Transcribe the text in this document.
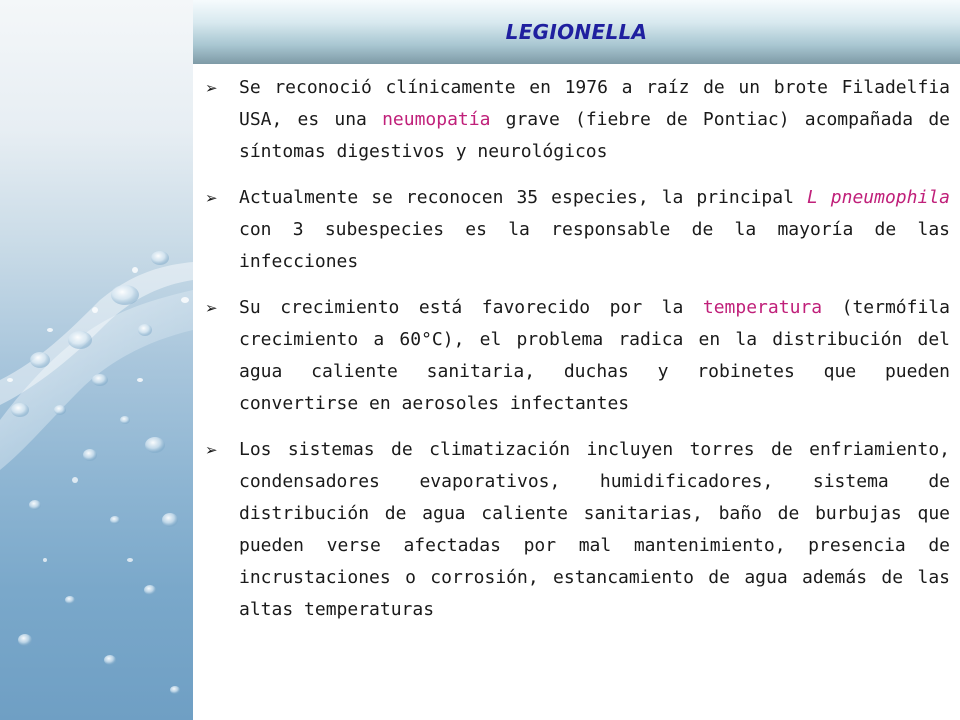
LEGIONELLA
➢ Se reconoció clínicamente en 1976 a raíz de un brote Filadelfia USA, es una neumopatía grave (fiebre de Pontiac) acompañada de síntomas digestivos y neurológicos
➢ Actualmente se reconocen 35 especies, la principal L pneumophila con 3 subespecies es la responsable de la mayoría de las infecciones
➢ Su crecimiento está favorecido por la temperatura (termófila crecimiento a 60°C), el problema radica en la distribución del agua caliente sanitaria, duchas y robinetes que pueden convertirse en aerosoles infectantes
➢ Los sistemas de climatización incluyen torres de enfriamiento, condensadores evaporativos, humidificadores, sistema de distribución de agua caliente sanitarias, baño de burbujas que pueden verse afectadas por mal mantenimiento, presencia de incrustaciones o corrosión, estancamiento de agua además de las altas temperaturas
